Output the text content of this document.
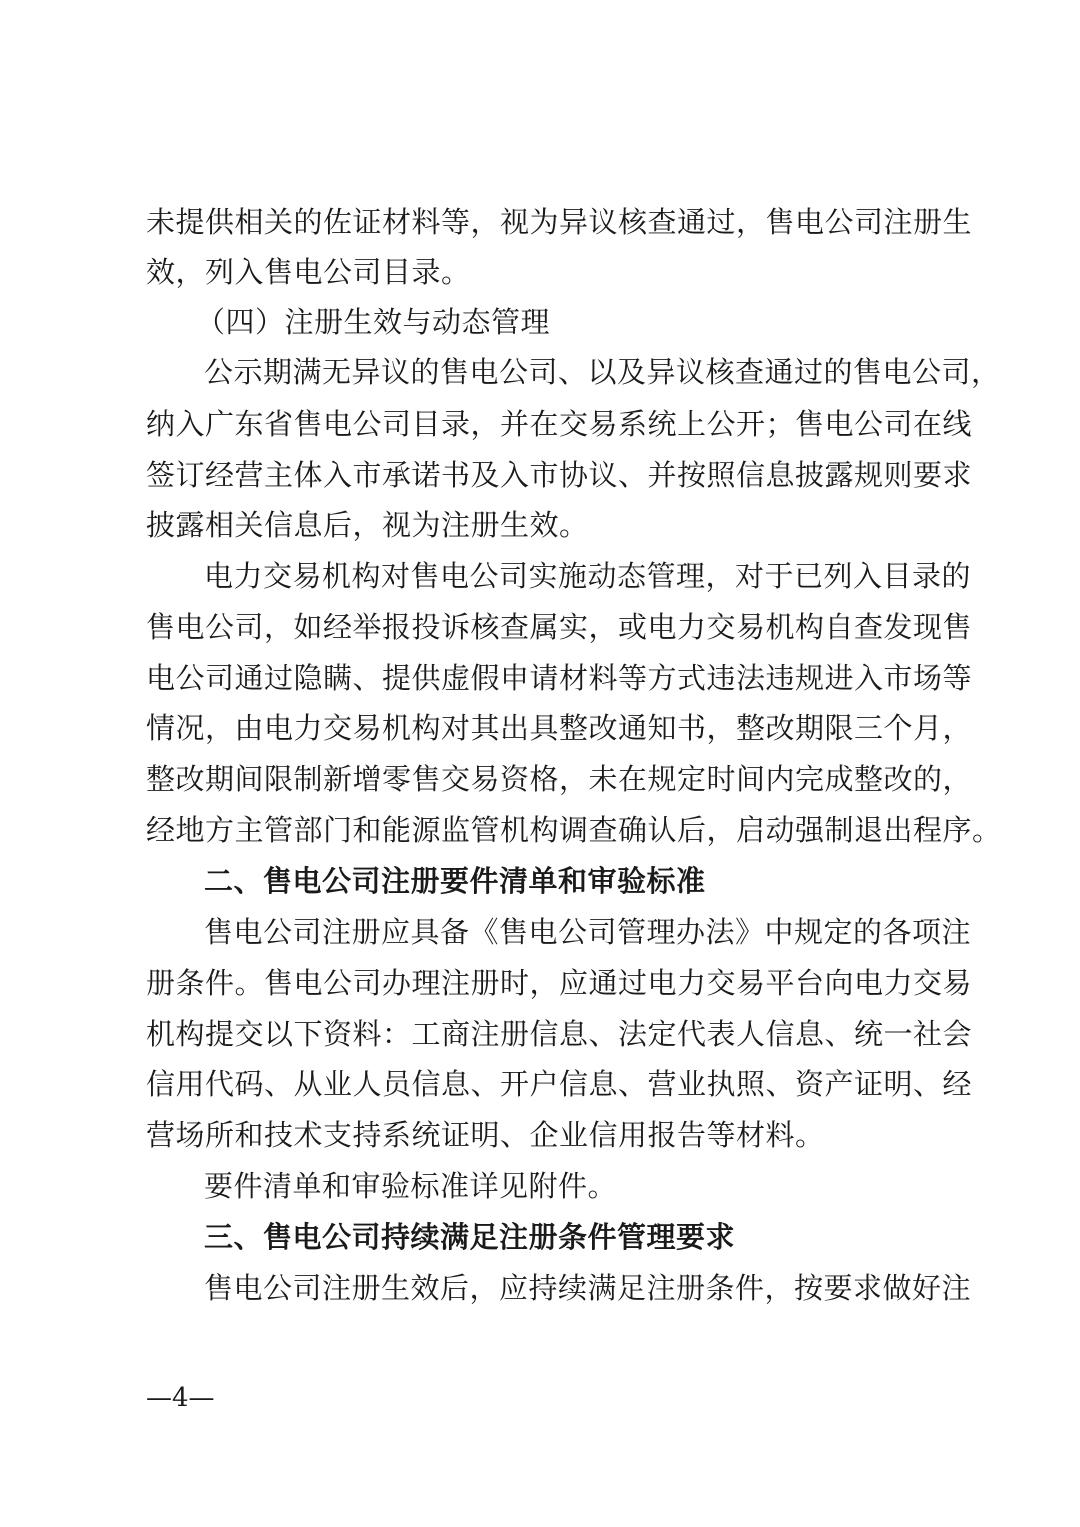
未提供相关的佐证材料等，视为异议核查通过，售电公司注册生
效，列入售电公司目录。
（四）注册生效与动态管理
公示期满无异议的售电公司、以及异议核查通过的售电公司，
纳入广东省售电公司目录，并在交易系统上公开；售电公司在线
签订经营主体入市承诺书及入市协议、并按照信息披露规则要求
披露相关信息后，视为注册生效。
电力交易机构对售电公司实施动态管理，对于已列入目录的
售电公司，如经举报投诉核查属实，或电力交易机构自查发现售
电公司通过隐瞒、提供虚假申请材料等方式违法违规进入市场等
情况，由电力交易机构对其出具整改通知书，整改期限三个月，
整改期间限制新增零售交易资格，未在规定时间内完成整改的，
经地方主管部门和能源监管机构调查确认后，启动强制退出程序。
二、售电公司注册要件清单和审验标准
售电公司注册应具备《售电公司管理办法》中规定的各项注
册条件。售电公司办理注册时，应通过电力交易平台向电力交易
机构提交以下资料：工商注册信息、法定代表人信息、统一社会
信用代码、从业人员信息、开户信息、营业执照、资产证明、经
营场所和技术支持系统证明、企业信用报告等材料。
要件清单和审验标准详见附件。
三、售电公司持续满足注册条件管理要求
售电公司注册生效后，应持续满足注册条件，按要求做好注
—4—
